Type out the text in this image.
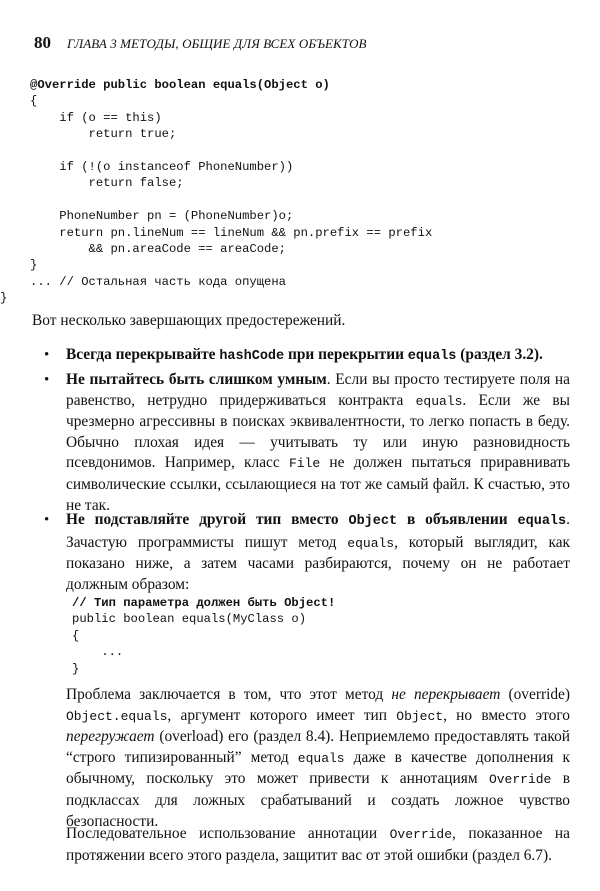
80 ГЛАВА 3 МЕТОДЫ, ОБЩИЕ ДЛЯ ВСЕХ ОБЪЕКТОВ
@Override public boolean equals(Object o)
{
if (o == this)
return true;

if (!(o instanceof PhoneNumber))
return false;

PhoneNumber pn = (PhoneNumber)o;
return pn.lineNum == lineNum && pn.prefix == prefix
&& pn.areaCode == areaCode;
}
... // Остальная часть кода опущена
}

Вот несколько завершающих предостережений.

• Всегда перекрывайте hashCode при перекрытии equals (раздел 3.2).

• Не пытайтесь быть слишком умным. Если вы просто тестируете поля на равенство, нетрудно придерживаться контракта equals. Если же вы чрезмерно агрессивны в поисках эквивалентности, то легко попасть в беду. Обычно плохая идея — учитывать ту или иную разновидность псевдонимов. Например, класс File не должен пытаться приравнивать символические ссылки, ссылающиеся на тот же самый файл. К счастью, это не так.

• Не подставляйте другой тип вместо Object в объявлении equals. Зачастую программисты пишут метод equals, который выглядит, как показано ниже, а затем часами разбираются, почему он не работает должным образом:

// Тип параметра должен быть Object!
public boolean equals(MyClass o)
{
...
}

Проблема заключается в том, что этот метод не перекрывает (override) Object.equals, аргумент которого имеет тип Object, но вместо этого перегружает (overload) его (раздел 8.4). Неприемлемо предоставлять такой “строго типизированный” метод equals даже в качестве дополнения к обычному, поскольку это может привести к аннотациям Override в подклассах для ложных срабатываний и создать ложное чувство безопасности.

Последовательное использование аннотации Override, показанное на протяжении всего этого раздела, защитит вас от этой ошибки (раздел 6.7).
